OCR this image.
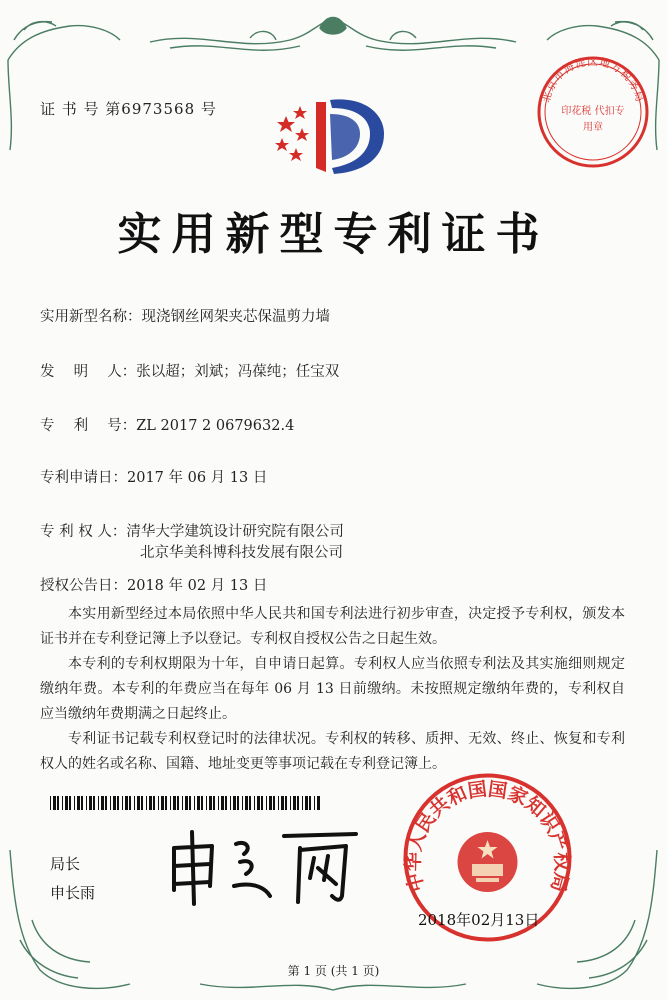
证 书 号 第6973568 号
北京市海淀区地方税务局
印花税 代扣专用章
实用新型专利证书
实用新型名称：现浇钢丝网架夹芯保温剪力墙
发　 明　 人：张以超；刘斌；冯葆纯；任宝双
专　 利　 号：ZL 2017 2 0679632.4
专利申请日：2017 年 06 月 13 日
专 利 权 人：清华大学建筑设计研究院有限公司
北京华美科博科技发展有限公司
授权公告日：2018 年 02 月 13 日

本实用新型经过本局依照中华人民共和国专利法进行初步审查，决定授予专利权，颁发本证书并在专利登记簿上予以登记。专利权自授权公告之日起生效。

本专利的专利权期限为十年，自申请日起算。专利权人应当依照专利法及其实施细则规定缴纳年费。本专利的年费应当在每年 06 月 13 日前缴纳。未按照规定缴纳年费的，专利权自应当缴纳年费期满之日起终止。

专利证书记载专利权登记时的法律状况。专利权的转移、质押、无效、终止、恢复和专利权人的姓名或名称、国籍、地址变更等事项记载在专利登记簿上。

局长
申长雨	中华人民共和国国家知识产权局
2018年02月13日
第 1 页 (共 1 页)
